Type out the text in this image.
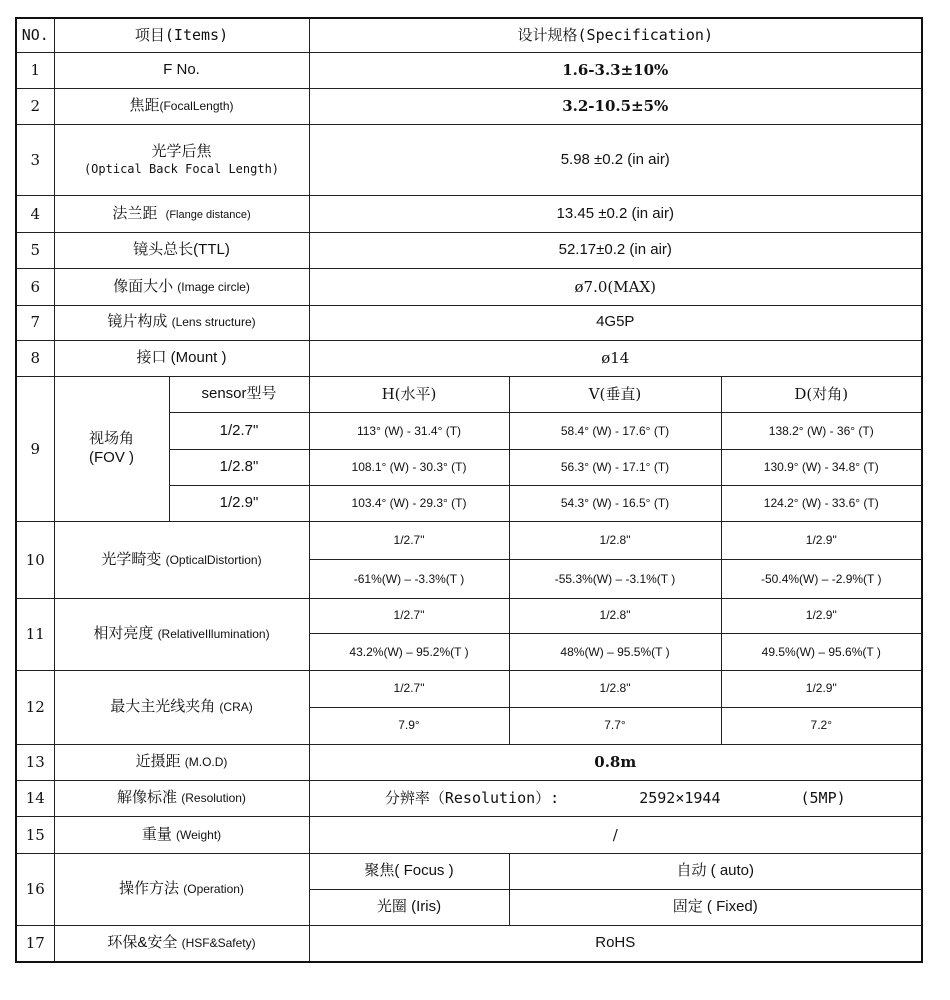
NO.	项目(Items)		设计规格(Specification)		
1	F No.		1.6-3.3±10%		
2	焦距(FocalLength)		3.2-10.5±5%		
3	光学后焦
(Optical Back Focal Length)		5.98 ±0.2 (in air)		
4	法兰距 (Flange distance)		13.45 ±0.2 (in air)		
5	镜头总长(TTL)		52.17±0.2 (in air)		
6	像面大小 (Image circle)		ø7.0(MAX)		
7	镜片构成 (Lens structure)		4G5P		
8	接口 (Mount )		ø14		
9	视场角
(FOV )	sensor型号	H(水平)	V(垂直)	D(对角)
		1/2.7"	113° (W) - 31.4° (T)	58.4° (W) - 17.6° (T)	138.2° (W) - 36° (T)
		1/2.8"	108.1° (W) - 30.3° (T)	56.3° (W) - 17.1° (T)	130.9° (W) - 34.8° (T)
		1/2.9"	103.4° (W) - 29.3° (T)	54.3° (W) - 16.5° (T)	124.2° (W) - 33.6° (T)
10	光学畸变 (OpticalDistortion)		1/2.7"	1/2.8"	1/2.9"
			-61%(W) – -3.3%(T )	-55.3%(W) – -3.1%(T )	-50.4%(W) – -2.9%(T )
11	相对亮度 (RelativeIllumination)		1/2.7"	1/2.8"	1/2.9"
			43.2%(W) – 95.2%(T )	48%(W) – 95.5%(T )	49.5%(W) – 95.6%(T )
12	最大主光线夹角 (CRA)		1/2.7"	1/2.8"	1/2.9"
			7.9°	7.7°	7.2°
13	近摄距 (M.O.D)		0.8m		
14	解像标准 (Resolution)		分辨率（Resolution）: 2592×1944 (5MP)		
15	重量 (Weight)		/		
16	操作方法 (Operation)		聚焦( Focus )	自动 ( auto)	
			光圈 (Iris)	固定 ( Fixed)	
17	环保&安全 (HSF&Safety)		RoHS		
